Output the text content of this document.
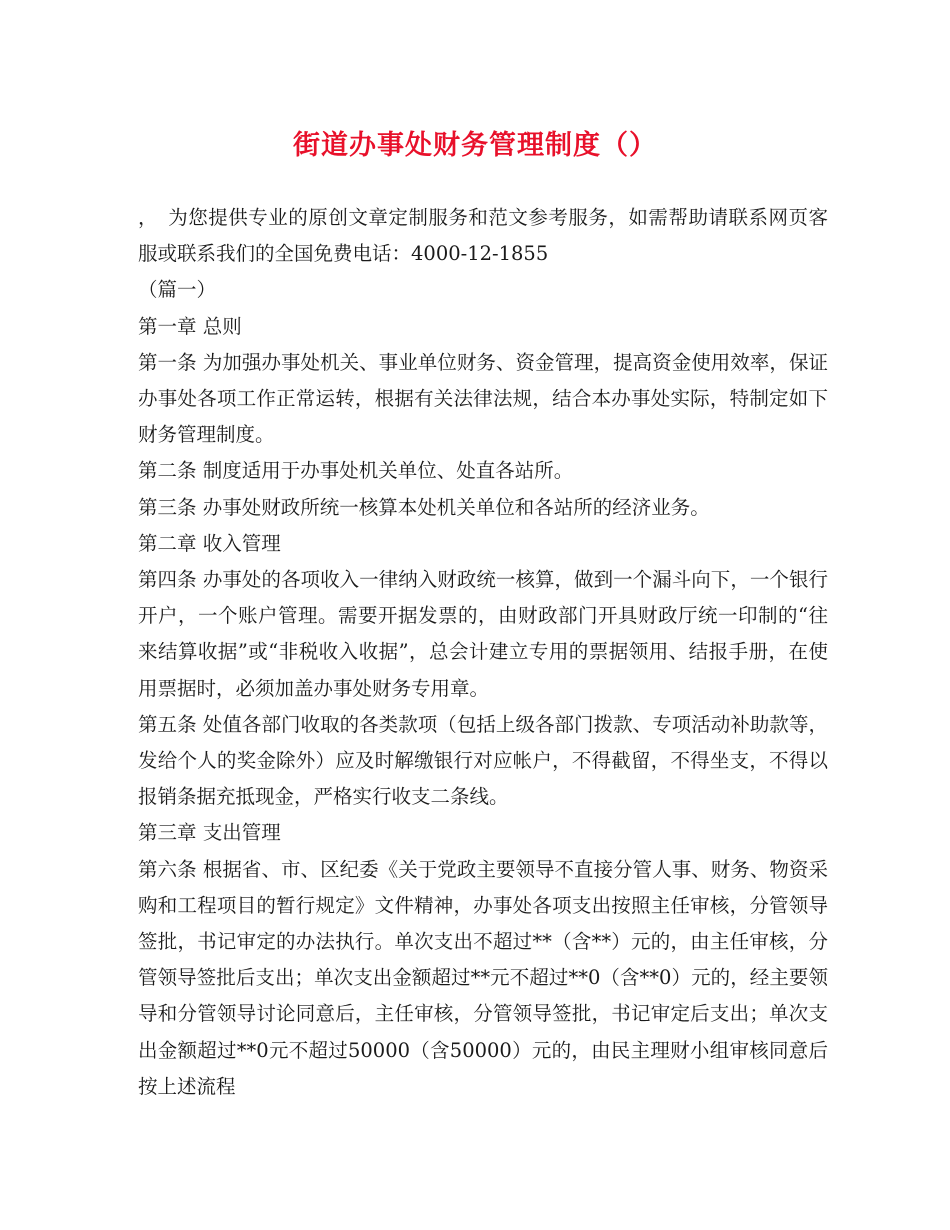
街道办事处财务管理制度（）

，　为您提供专业的原创文章定制服务和范文参考服务，如需帮助请联系网页客服或联系我们的全国免费电话：4000-12-1855

（篇一）

第一章 总则

第一条 为加强办事处机关、事业单位财务、资金管理，提高资金使用效率，保证办事处各项工作正常运转，根据有关法律法规，结合本办事处实际，特制定如下财务管理制度。

第二条 制度适用于办事处机关单位、处直各站所。

第三条 办事处财政所统一核算本处机关单位和各站所的经济业务。

第二章 收入管理

第四条 办事处的各项收入一律纳入财政统一核算，做到一个漏斗向下，一个银行开户，一个账户管理。需要开据发票的，由财政部门开具财政厅统一印制的“往来结算收据”或“非税收入收据”，总会计建立专用的票据领用、结报手册，在使用票据时，必须加盖办事处财务专用章。

第五条 处值各部门收取的各类款项（包括上级各部门拨款、专项活动补助款等，发给个人的奖金除外）应及时解缴银行对应帐户，不得截留，不得坐支，不得以报销条据充抵现金，严格实行收支二条线。

第三章 支出管理

第六条 根据省、市、区纪委《关于党政主要领导不直接分管人事、财务、物资采购和工程项目的暂行规定》文件精神，办事处各项支出按照主任审核，分管领导签批，书记审定的办法执行。单次支出不超过**（含**）元的，由主任审核，分管领导签批后支出；单次支出金额超过**元不超过**0（含**0）元的，经主要领导和分管领导讨论同意后，主任审核，分管领导签批，书记审定后支出；单次支出金额超过**0元不超过50000（含50000）元的，由民主理财小组审核同意后按上述流程
